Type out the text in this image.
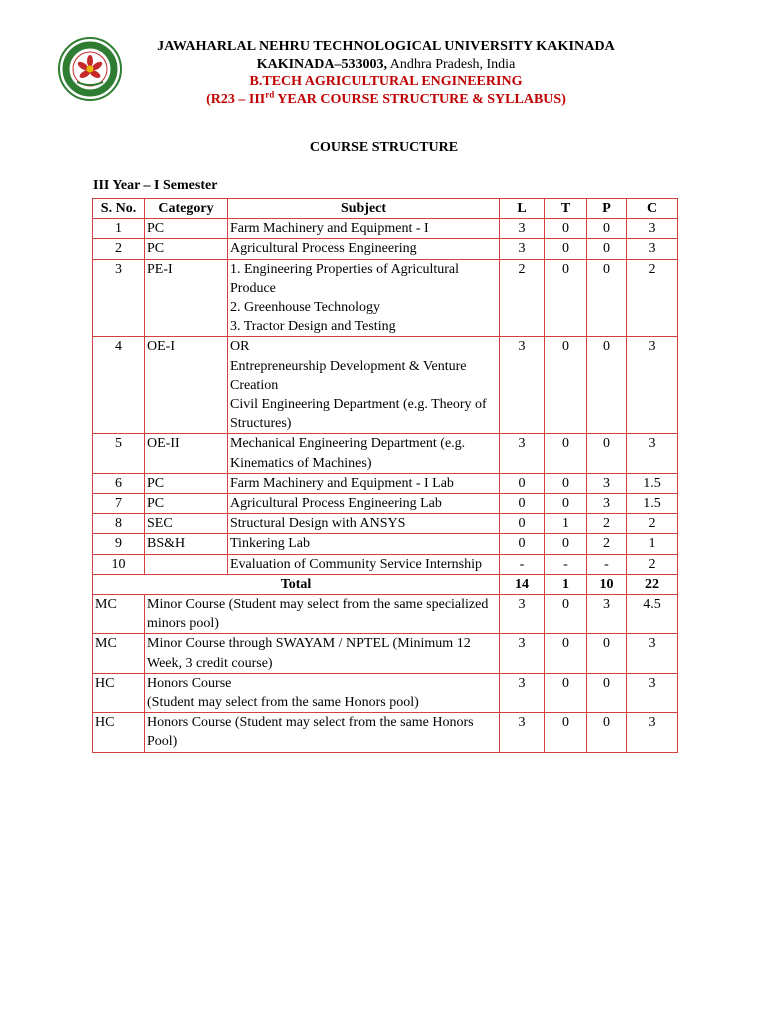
JAWAHARLAL NEHRU TECHNOLOGICAL UNIVERSITY KAKINADA
KAKINADA–533003, Andhra Pradesh, India
B.TECH AGRICULTURAL ENGINEERING
(R23 – IIIrd YEAR COURSE STRUCTURE & SYLLABUS)
COURSE STRUCTURE
III Year – I Semester
S. No.	Category	Subject	L	T	P	C
1	PC	Farm Machinery and Equipment - I	3	0	0	3
2	PC	Agricultural Process Engineering	3	0	0	3
3	PE-I	1. Engineering Properties of Agricultural Produce
2. Greenhouse Technology
3. Tractor Design and Testing	2	0	0	2
4	OE-I	OR
Entrepreneurship Development & Venture Creation
Civil Engineering Department (e.g. Theory of Structures)	3	0	0	3
5	OE-II	Mechanical Engineering Department (e.g. Kinematics of Machines)	3	0	0	3
6	PC	Farm Machinery and Equipment - I Lab	0	0	3	1.5
7	PC	Agricultural Process Engineering Lab	0	0	3	1.5
8	SEC	Structural Design with ANSYS	0	1	2	2
9	BS&H	Tinkering Lab	0	0	2	1
10		Evaluation of Community Service Internship	-	-	-	2
Total			14	1	10	22
MC	Minor Course (Student may select from the same specialized minors pool)		3	0	3	4.5
MC	Minor Course through SWAYAM / NPTEL (Minimum 12 Week, 3 credit course)		3	0	0	3
HC	Honors Course
(Student may select from the same Honors pool)		3	0	0	3
HC	Honors Course (Student may select from the same Honors Pool)		3	0	0	3
